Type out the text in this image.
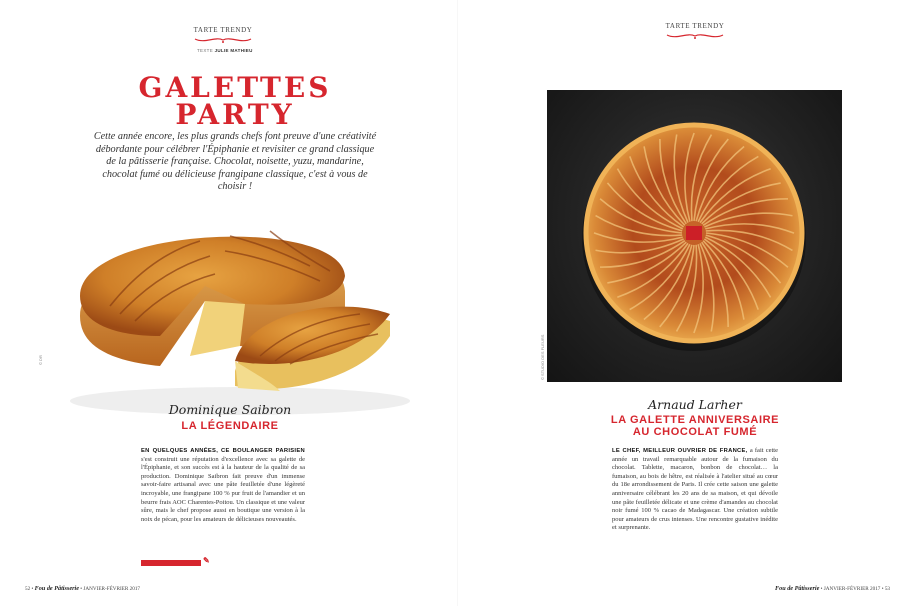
TARTE TRENDY
TEXTE JULIE MATHIEU
GALETTES
PARTY
Cette année encore, les plus grands chefs font preuve d'une créativité débordante pour célébrer l'Épiphanie et revisiter ce grand classique de la pâtisserie française. Chocolat, noisette, yuzu, mandarine, chocolat fumé ou délicieuse frangipane classique, c'est à vous de choisir !
© DR
Dominique Saibron
LA LÉGENDAIRE
EN QUELQUES ANNÉES, CE BOULANGER PARISIEN s'est construit une réputation d'excellence avec sa galette de l'Épiphanie, et son succès est à la hauteur de la qualité de sa production. Dominique Saibron fait preuve d'un immense savoir-faire artisanal avec une pâte feuilletée d'une légèreté incroyable, une frangipane 100 % pur fruit de l'amandier et un beurre frais AOC Charentes-Poitou. Un classique et une valeur sûre, mais le chef propose aussi en boutique une version à la noix de pécan, pour les amateurs de délicieuses nouveautés.
✎
52 • Fou de Pâtisserie • JANVIER-FÉVRIER 2017
TARTE TRENDY
© STUDIO DES FLEURS
Arnaud Larher
LA GALETTE ANNIVERSAIRE
AU CHOCOLAT FUMÉ
LE CHEF, MEILLEUR OUVRIER DE FRANCE, a fait cette année un travail remarquable autour de la fumaison du chocolat. Tablette, macaron, bonbon de chocolat… la fumaison, au bois de hêtre, est réalisée à l'atelier situé au cœur du 18e arrondissement de Paris. Il crée cette saison une galette anniversaire célébrant les 20 ans de sa maison, et qui dévoile une pâte feuilletée délicate et une crème d'amandes au chocolat noir fumé 100 % cacao de Madagascar. Une création subtile pour amateurs de crus intenses. Une rencontre gustative inédite et surprenante.
Fou de Pâtisserie • JANVIER-FÉVRIER 2017 • 53
